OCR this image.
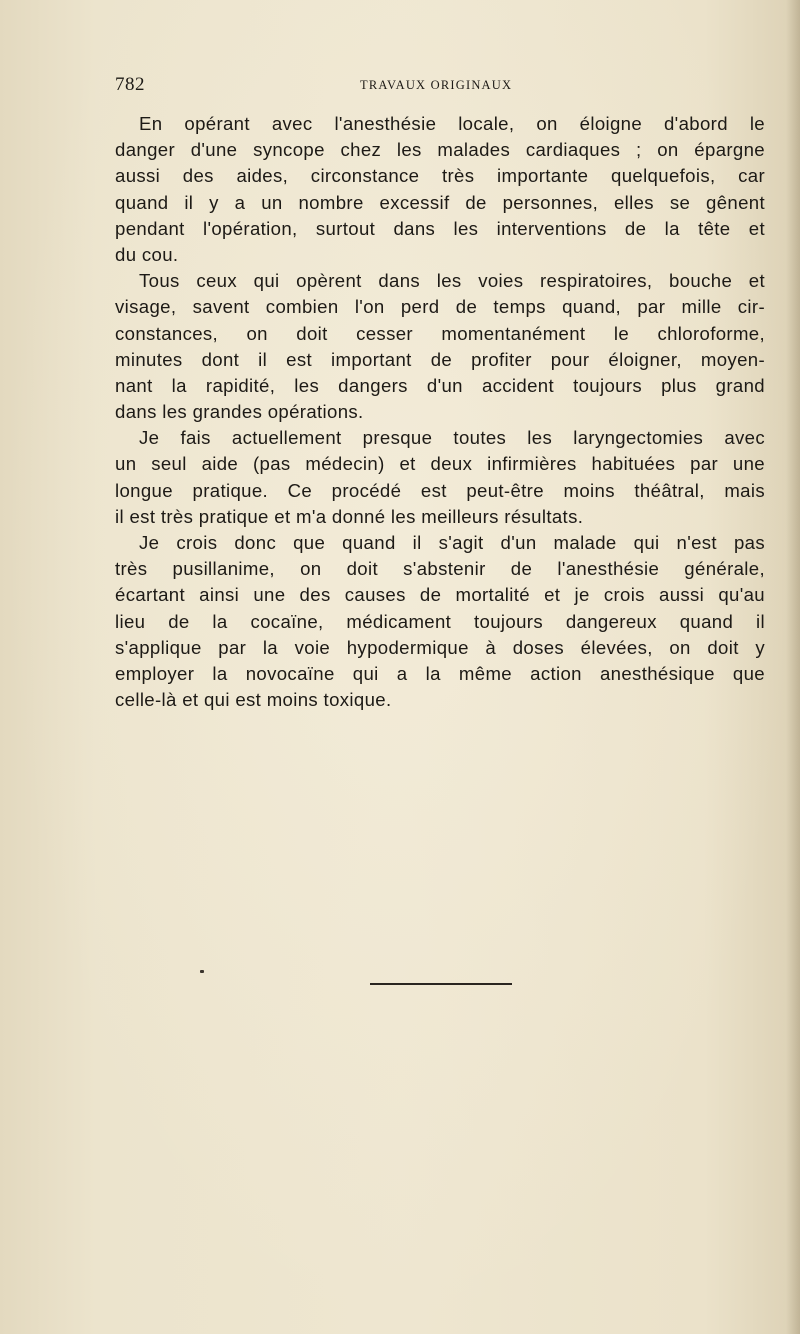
782	TRAVAUX ORIGINAUX
En opérant avec l'anesthésie locale, on éloigne d'abord le
danger d'une syncope chez les malades cardiaques ; on épargne
aussi des aides, circonstance très importante quelquefois, car
quand il y a un nombre excessif de personnes, elles se gênent
pendant l'opération, surtout dans les interventions de la tête et
du cou.
Tous ceux qui opèrent dans les voies respiratoires, bouche et
visage, savent combien l'on perd de temps quand, par mille cir-
constances, on doit cesser momentanément le chloroforme,
minutes dont il est important de profiter pour éloigner, moyen-
nant la rapidité, les dangers d'un accident toujours plus grand
dans les grandes opérations.
Je fais actuellement presque toutes les laryngectomies avec
un seul aide (pas médecin) et deux infirmières habituées par une
longue pratique. Ce procédé est peut-être moins théâtral, mais
il est très pratique et m'a donné les meilleurs résultats.
Je crois donc que quand il s'agit d'un malade qui n'est pas
très pusillanime, on doit s'abstenir de l'anesthésie générale,
écartant ainsi une des causes de mortalité et je crois aussi qu'au
lieu de la cocaïne, médicament toujours dangereux quand il
s'applique par la voie hypodermique à doses élevées, on doit y
employer la novocaïne qui a la même action anesthésique que
celle-là et qui est moins toxique.
